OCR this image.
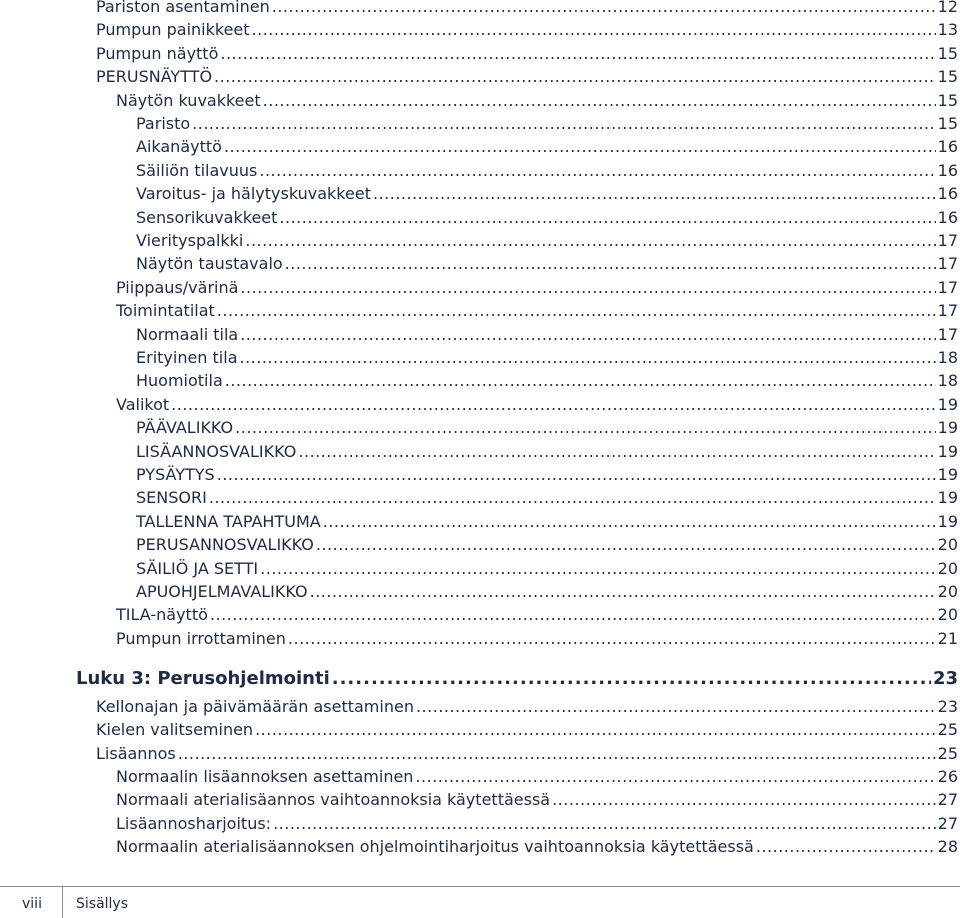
Pariston asentaminen .....	12
Pumpun painikkeet .....	13
Pumpun näyttö .....	15
PERUSNÄYTTÖ .....	15
Näytön kuvakkeet .....	15
Paristo .....	15
Aikanäyttö .....	16
Säiliön tilavuus .....	16
Varoitus- ja hälytyskuvakkeet .....	16
Sensorikuvakkeet .....	16
Vierityspalkki .....	17
Näytön taustavalo .....	17
Piippaus/värinä .....	17
Toimintatilat .....	17
Normaali tila .....	17
Erityinen tila .....	18
Huomiotila .....	18
Valikot .....	19
PÄÄVALIKKO .....	19
LISÄANNOSVALIKKO .....	19
PYSÄYTYS .....	19
SENSORI .....	19
TALLENNA TAPAHTUMA .....	19
PERUSANNOSVALIKKO .....	20
SÄILIÖ JA SETTI .....	20
APUOHJELMAVALIKKO .....	20
TILA-näyttö .....	20
Pumpun irrottaminen .....	21
Luku 3: Perusohjelmointi .....	23
Kellonajan ja päivämäärän asettaminen .....	23
Kielen valitseminen .....	25
Lisäannos .....	25
Normaalin lisäannoksen asettaminen .....	26
Normaali aterialisäannos vaihtoannoksia käytettäessä .....	27
Lisäannosharjoitus: .....	27
Normaalin aterialisäannoksen ohjelmointiharjoitus vaihtoannoksia käytettäessä .....	28
viii Sisällys
